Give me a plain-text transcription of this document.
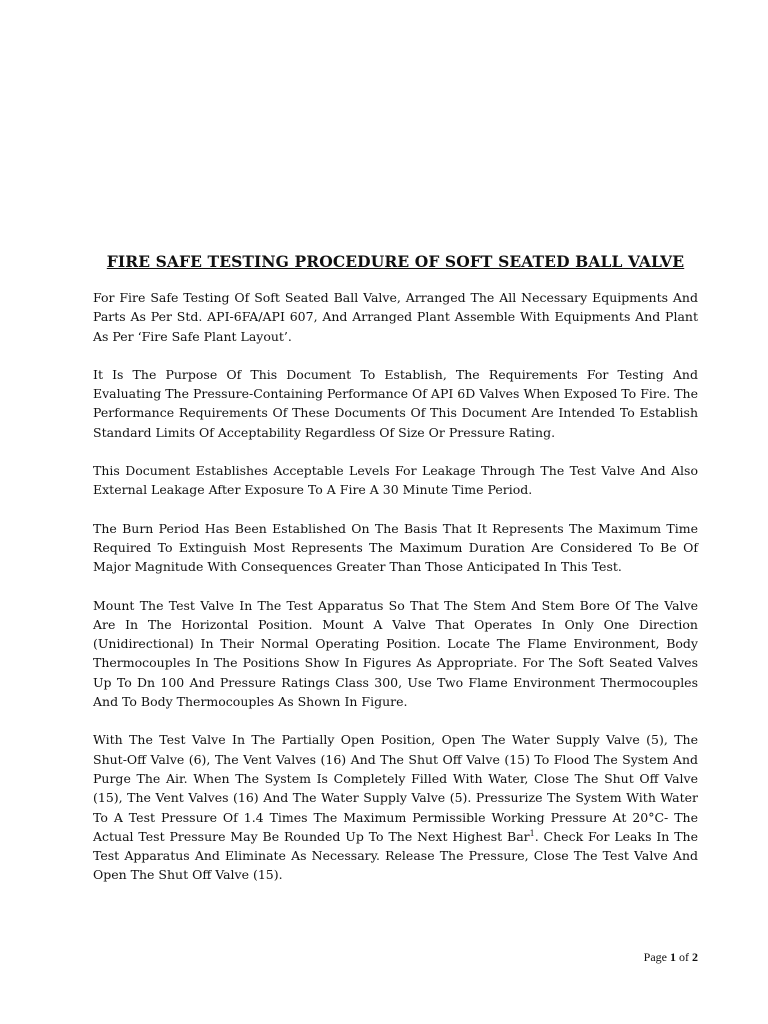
FIRE SAFE TESTING PROCEDURE OF SOFT SEATED BALL VALVE

For Fire Safe Testing Of Soft Seated Ball Valve, Arranged The All Necessary Equipments And Parts As Per Std. API-6FA/API 607, And Arranged Plant Assemble With Equipments And Plant As Per ‘Fire Safe Plant Layout’.

It Is The Purpose Of This Document To Establish, The Requirements For Testing And Evaluating The Pressure-Containing Performance Of API 6D Valves When Exposed To Fire. The Performance Requirements Of These Documents Of This Document Are Intended To Establish Standard Limits Of Acceptability Regardless Of Size Or Pressure Rating.

This Document Establishes Acceptable Levels For Leakage Through The Test Valve And Also External Leakage After Exposure To A Fire A 30 Minute Time Period.

The Burn Period Has Been Established On The Basis That It Represents The Maximum Time Required To Extinguish Most Represents The Maximum Duration Are Considered To Be Of Major Magnitude With Consequences Greater Than Those Anticipated In This Test.

Mount The Test Valve In The Test Apparatus So That The Stem And Stem Bore Of The Valve Are In The Horizontal Position. Mount A Valve That Operates In Only One Direction (Unidirectional) In Their Normal Operating Position. Locate The Flame Environment, Body Thermocouples In The Positions Show In Figures As Appropriate. For The Soft Seated Valves Up To Dn 100 And Pressure Ratings Class 300, Use Two Flame Environment Thermocouples And To Body Thermocouples As Shown In Figure.

With The Test Valve In The Partially Open Position, Open The Water Supply Valve (5), The Shut-Off Valve (6), The Vent Valves (16) And The Shut Off Valve (15) To Flood The System And Purge The Air. When The System Is Completely Filled With Water, Close The Shut Off Valve (15), The Vent Valves (16) And The Water Supply Valve (5). Pressurize The System With Water To A Test Pressure Of 1.4 Times The Maximum Permissible Working Pressure At 20°C- The Actual Test Pressure May Be Rounded Up To The Next Highest Bar$^1$. Check For Leaks In The Test Apparatus And Eliminate As Necessary. Release The Pressure, Close The Test Valve And Open The Shut Off Valve (15).

Page 1 of 2
